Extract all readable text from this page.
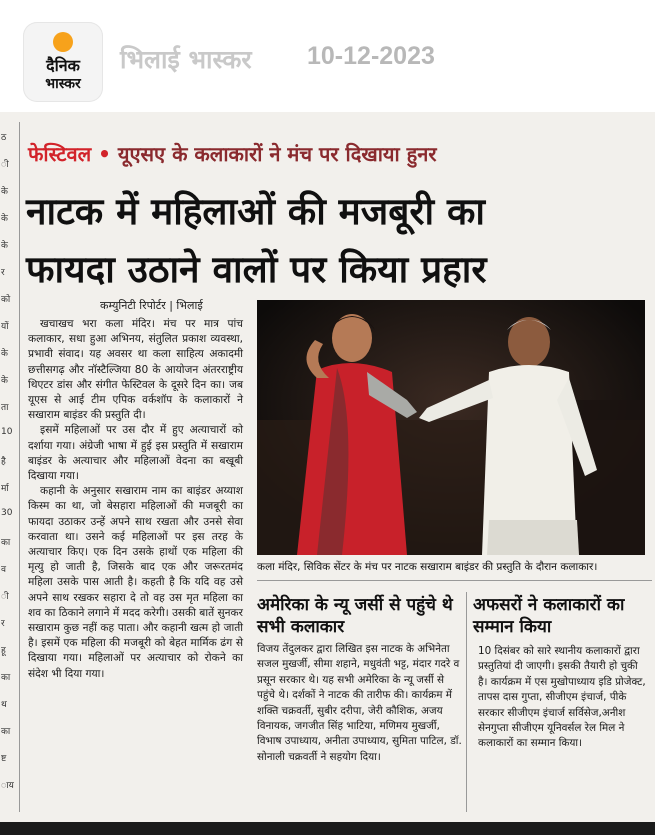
दैनिक
भास्कर
भिलाई भास्कर 10-12-2023
ठ
ी
के
के
के
र
को
यों
के
के
ता
10
है
र्मा
30
का
व
ी
र
हू
का
थ
का
ष्ट
ाय
फेस्टिवल • यूएसए के कलाकारों ने मंच पर दिखाया हुनर
नाटक में महिलाओं की मजबूरी का
फायदा उठाने वालों पर किया प्रहार
कम्युनिटी रिपोर्टर | भिलाई

खचाखच भरा कला मंदिर। मंच पर मात्र पांच कलाकार, सधा हुआ अभिनय, संतुलित प्रकाश व्यवस्था, प्रभावी संवाद। यह अवसर था कला साहित्य अकादमी छत्तीसगढ़ और नॉस्टैल्जिया 80 के आयोजन अंतरराष्ट्रीय थिएटर डांस और संगीत फेस्टिवल के दूसरे दिन का। जब यूएस से आई टीम एपिक वर्कशॉप के कलाकारों ने सखाराम बाइंडर की प्रस्तुति दी।

इसमें महिलाओं पर उस दौर में हुए अत्याचारों को दर्शाया गया। अंग्रेजी भाषा में हुई इस प्रस्तुति में सखाराम बाइंडर के अत्याचार और महिलाओं वेदना का बखूबी दिखाया गया।

कहानी के अनुसार सखाराम नाम का बाइंडर अय्याश किस्म का था, जो बेसहारा महिलाओं की मजबूरी का फायदा उठाकर उन्हें अपने साथ रखता और उनसे सेवा करवाता था। उसने कई महिलाओं पर इस तरह के अत्याचार किए। एक दिन उसके हाथों एक महिला की मृत्यु हो जाती है, जिसके बाद एक और जरूरतमंद महिला उसके पास आती है। कहती है कि यदि वह उसे अपने साथ रखकर सहारा दे तो वह उस मृत महिला का शव का ठिकाने लगाने में मदद करेगी। उसकी बातें सुनकर सखाराम कुछ नहीं कह पाता। और कहानी खत्म हो जाती है। इसमें एक महिला की मजबूरी को बेहत मार्मिक ढंग से दिखाया गया। महिलाओं पर अत्याचार को रोकने का संदेश भी दिया गया।

कला मंदिर, सिविक सेंटर के मंच पर नाटक सखाराम बाइंडर की प्रस्तुति के दौरान कलाकार।
अमेरिका के न्यू जर्सी से पहुंचे थे सभी कलाकार
विजय तेंदुलकर द्वारा लिखित इस नाटक के अभिनेता सजल मुखर्जी, सीमा शहाने, मधुवंती भट्ट, मंदार गदरे व प्रसून सरकार थे। यह सभी अमेरिका के न्यू जर्सी से पहुंचे थे। दर्शकों ने नाटक की तारीफ की। कार्यक्रम में शक्ति चक्रवर्ती, सुबीर दरीपा, जेरी कौशिक, अजय विनायक, जगजीत सिंह भाटिया, मणिमय मुखर्जी, विभाष उपाध्याय, अनीता उपाध्याय, सुमिता पाटिल, डॉ. सोनाली चक्रवर्ती ने सहयोग दिया।
अफसरों ने कलाकारों का सम्मान किया
10 दिसंबर को सारे स्थानीय कलाकारों द्वारा प्रस्तुतियां दी जाएगी। इसकी तैयारी हो चुकी है। कार्यक्रम में एस मुखोपाध्याय इडि प्रोजेक्ट, तापस दास गुप्ता, सीजीएम इंचार्ज, पीके सरकार सीजीएम इंचार्ज सर्विसेज,अनीश सेनगुप्ता सीजीएम यूनिवर्सल रेल मिल ने कलाकारों का सम्मान किया।
